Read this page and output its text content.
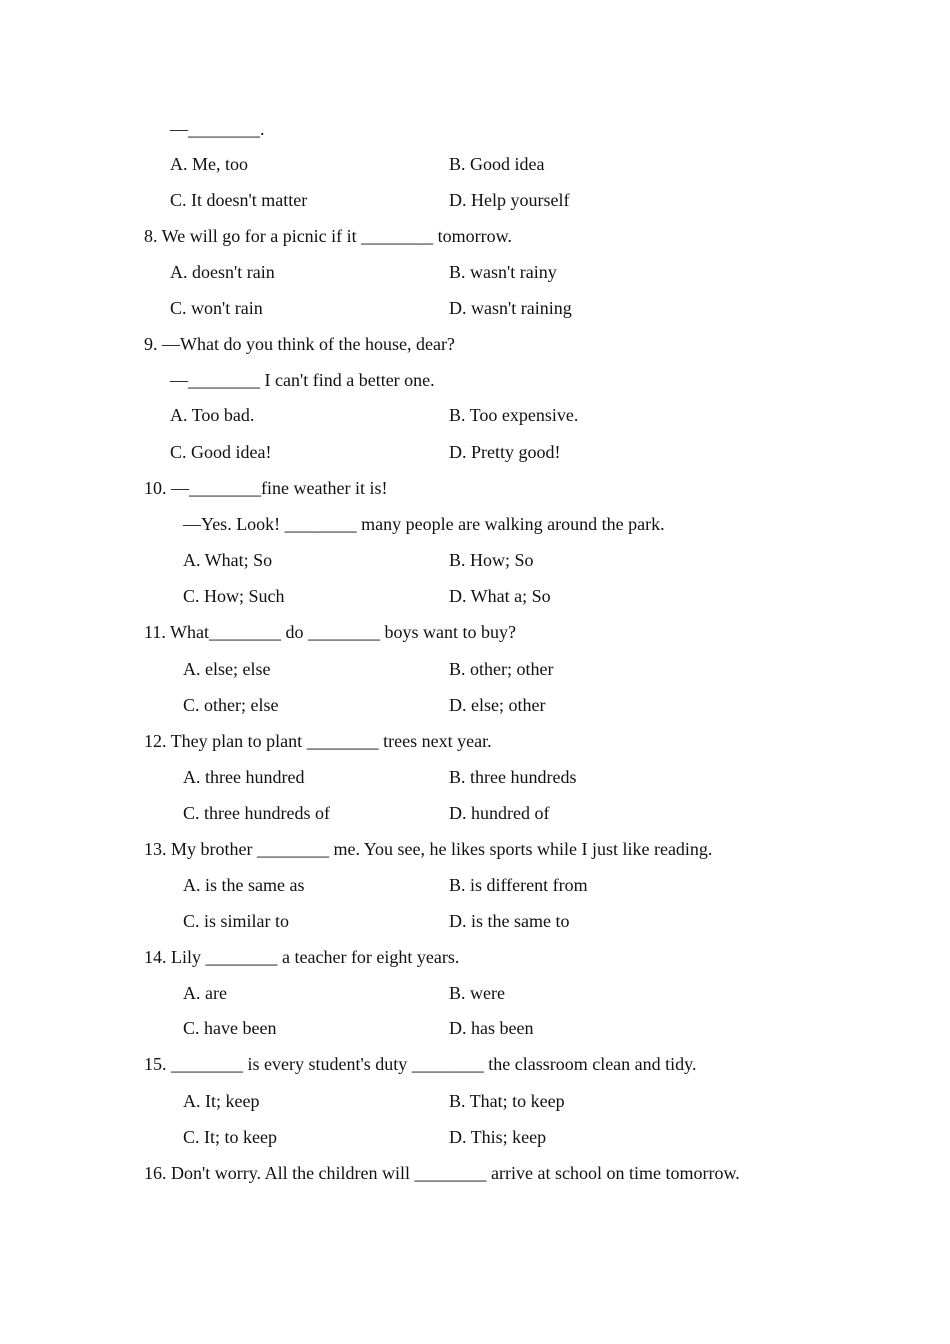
—________.
A. Me, too	B. Good idea
C. It doesn't matter	D. Help yourself
8. We will go for a picnic if it ________ tomorrow.
A. doesn't rain	B. wasn't rainy
C. won't rain	D. wasn't raining
9. —What do you think of the house, dear?
—________ I can't find a better one.
A. Too bad.	B. Too expensive.
C. Good idea!	D. Pretty good!
10. —________fine weather it is!
—Yes. Look! ________ many people are walking around the park.
A. What; So	B. How; So
C. How; Such	D. What a; So
11. What________ do ________ boys want to buy?
A. else; else	B. other; other
C. other; else	D. else; other
12. They plan to plant ________ trees next year.
A. three hundred	B. three hundreds
C. three hundreds of	D. hundred of
13. My brother ________ me. You see, he likes sports while I just like reading.
A. is the same as	B. is different from
C. is similar to	D. is the same to
14. Lily ________ a teacher for eight years.
A. are	B. were
C. have been	D. has been
15. ________ is every student's duty ________ the classroom clean and tidy.
A. It; keep	B. That; to keep
C. It; to keep	D. This; keep
16. Don't worry. All the children will ________ arrive at school on time tomorrow.
